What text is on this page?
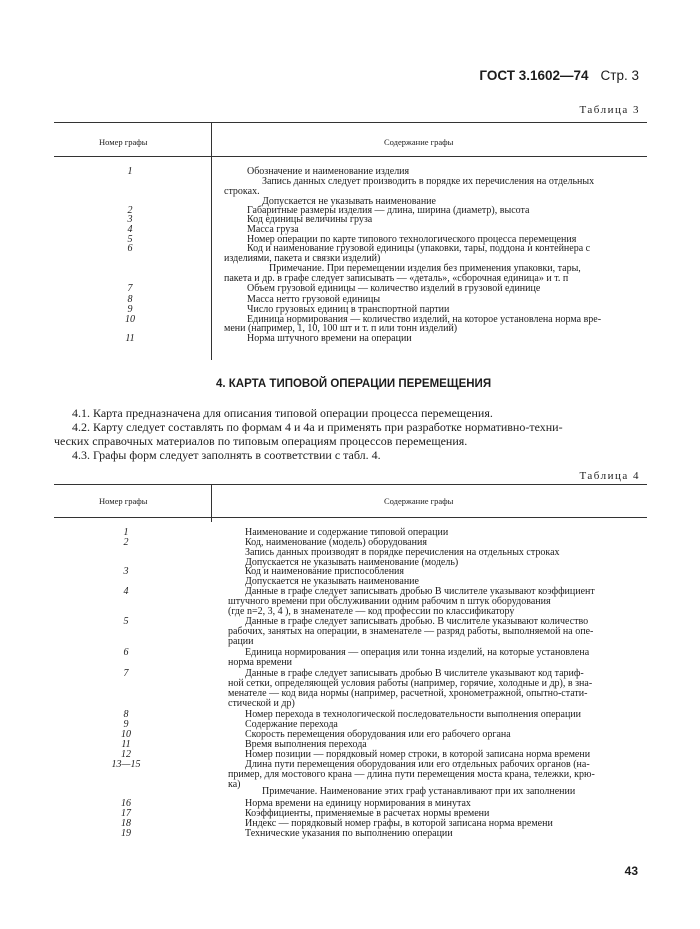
ГОСТ 3.1602—74 Стр. 3
Таблица 3
Номер графы	Содержание графы
1
2
3
4
5
6
7
8
9
10
11
Обозначение и наименование изделия
Запись данных следует производить в порядке их перечисления на отдельных
строках.
Допускается не указывать наименование
Габаритные размеры изделия — длина, ширина (диаметр), высота
Код единицы величины груза
Масса груза
Номер операции по карте типового технологического процесса перемещения
Код и наименование грузовой единицы (упаковки, тары, поддона и контейнера с
изделиями, пакета и связки изделий)
Примечание. При перемещении изделия без применения упаковки, тары,
пакета и др. в графе следует записывать — «деталь», «сборочная единица» и т. п
Объем грузовой единицы — количество изделий в грузовой единице
Масса нетто грузовой единицы
Число грузовых единиц в транспортной партии
Единица нормирования — количество изделий, на которое установлена норма вре-
мени (например, 1, 10, 100 шт и т. п или тонн изделий)
Норма штучного времени на операции
4. КАРТА ТИПОВОЙ ОПЕРАЦИИ ПЕРЕМЕЩЕНИЯ
4.1. Карта предназначена для описания типовой операции процесса перемещения.
4.2. Карту следует составлять по формам 4 и 4а и применять при разработке нормативно-техни-
ческих справочных материалов по типовым операциям процессов перемещения.
4.3. Графы форм следует заполнять в соответствии с табл. 4.
Таблица 4
Номер графы	Содержание графы
1
2
3
4
5
6
7
8
9
10
11
12
13—15
16
17
18
19
Наименование и содержание типовой операции
Код, наименование (модель) оборудования
Запись данных производят в порядке перечисления на отдельных строках
Допускается не указывать наименование (модель)
Код и наименование приспособления
Допускается не указывать наименование
Данные в графе следует записывать дробью В числителе указывают коэффициент
штучного времени при обслуживании одним рабочим n штук оборудования
(где n=2, 3, 4 ), в знаменателе — код профессии по классификатору
Данные в графе следует записывать дробью. В числителе указывают количество
рабочих, занятых на операции, в знаменателе — разряд работы, выполняемой на опе-
рации
Единица нормирования — операция или тонна изделий, на которые установлена
норма времени
Данные в графе следует записывать дробью В числителе указывают код тариф-
ной сетки, определяющей условия работы (например, горячие, холодные и др), в зна-
менателе — код вида нормы (например, расчетной, хронометражной, опытно-стати-
стической и др)
Номер перехода в технологической последовательности выполнения операции
Содержание перехода
Скорость перемещения оборудования или его рабочего органа
Время выполнения перехода
Номер позиции — порядковый номер строки, в которой записана норма времени
Длина пути перемещения оборудования или его отдельных рабочих органов (на-
пример, для мостового крана — длина пути перемещения моста крана, тележки, крю-
ка)
Примечание. Наименование этих граф устанавливают при их заполнении
Норма времени на единицу нормирования в минутах
Коэффициенты, применяемые в расчетах нормы времени
Индекс — порядковый номер графы, в которой записана норма времени
Технические указания по выполнению операции
43
